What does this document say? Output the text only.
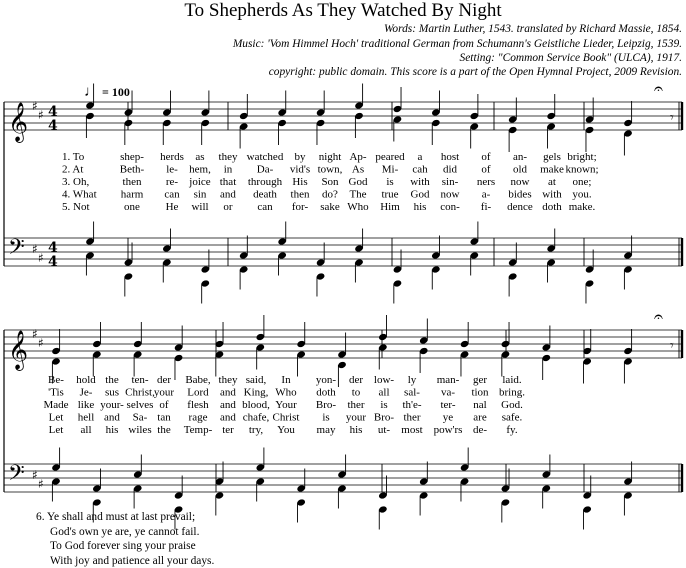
To Shepherds As They Watched By Night
Words: Martin Luther, 1543. translated by Richard Massie, 1854.
Music: 'Vom Himmel Hoch' traditional German from Schumann's Geistliche Lieder, Leipzig, 1539.
Setting: "Common Service Book" (ULCA), 1917.
copyright: public domain. This score is a part of the Open Hymnal Project, 2009 Revision.
♩ = 100
𝄞
𝄢
♯
♯
♯
♯
4
4
4
4
𝄐
𝄾
𝄞
𝄢
♯
♯
♯
♯
𝄐
𝄾
1. To	shep- herds as they watched by night Ap- peared a host of an- gels bright;
2. At	Beth- le- hem, in Da- vid's town, As Mi- cah did of old make known;
3. Oh,	then re- joice that through His Son God is with sin- ners now at one;
4. What harm can sin and death then do? The true God now a- bides with you.
5. Not	one He will or can for- sake Who Him his con- fi- dence doth make.
Be- hold the ten- der Babe, they said, In yon- der low- ly man- ger laid.
'Tis Je- sus Christ, your Lord and King, Who doth to all sal- va- tion bring.
Made like your- selves of flesh and blood, Your Bro- ther is th'e- ter- nal God.
Let hell and Sa- tan rage and chafe, Christ is your Bro- ther ye are safe.
Let all his wiles the Temp- ter try, You may his ut- most pow'rs de- fy.
6. Ye shall and must at last prevail;
God's own ye are, ye cannot fail.
To God forever sing your praise
With joy and patience all your days.
